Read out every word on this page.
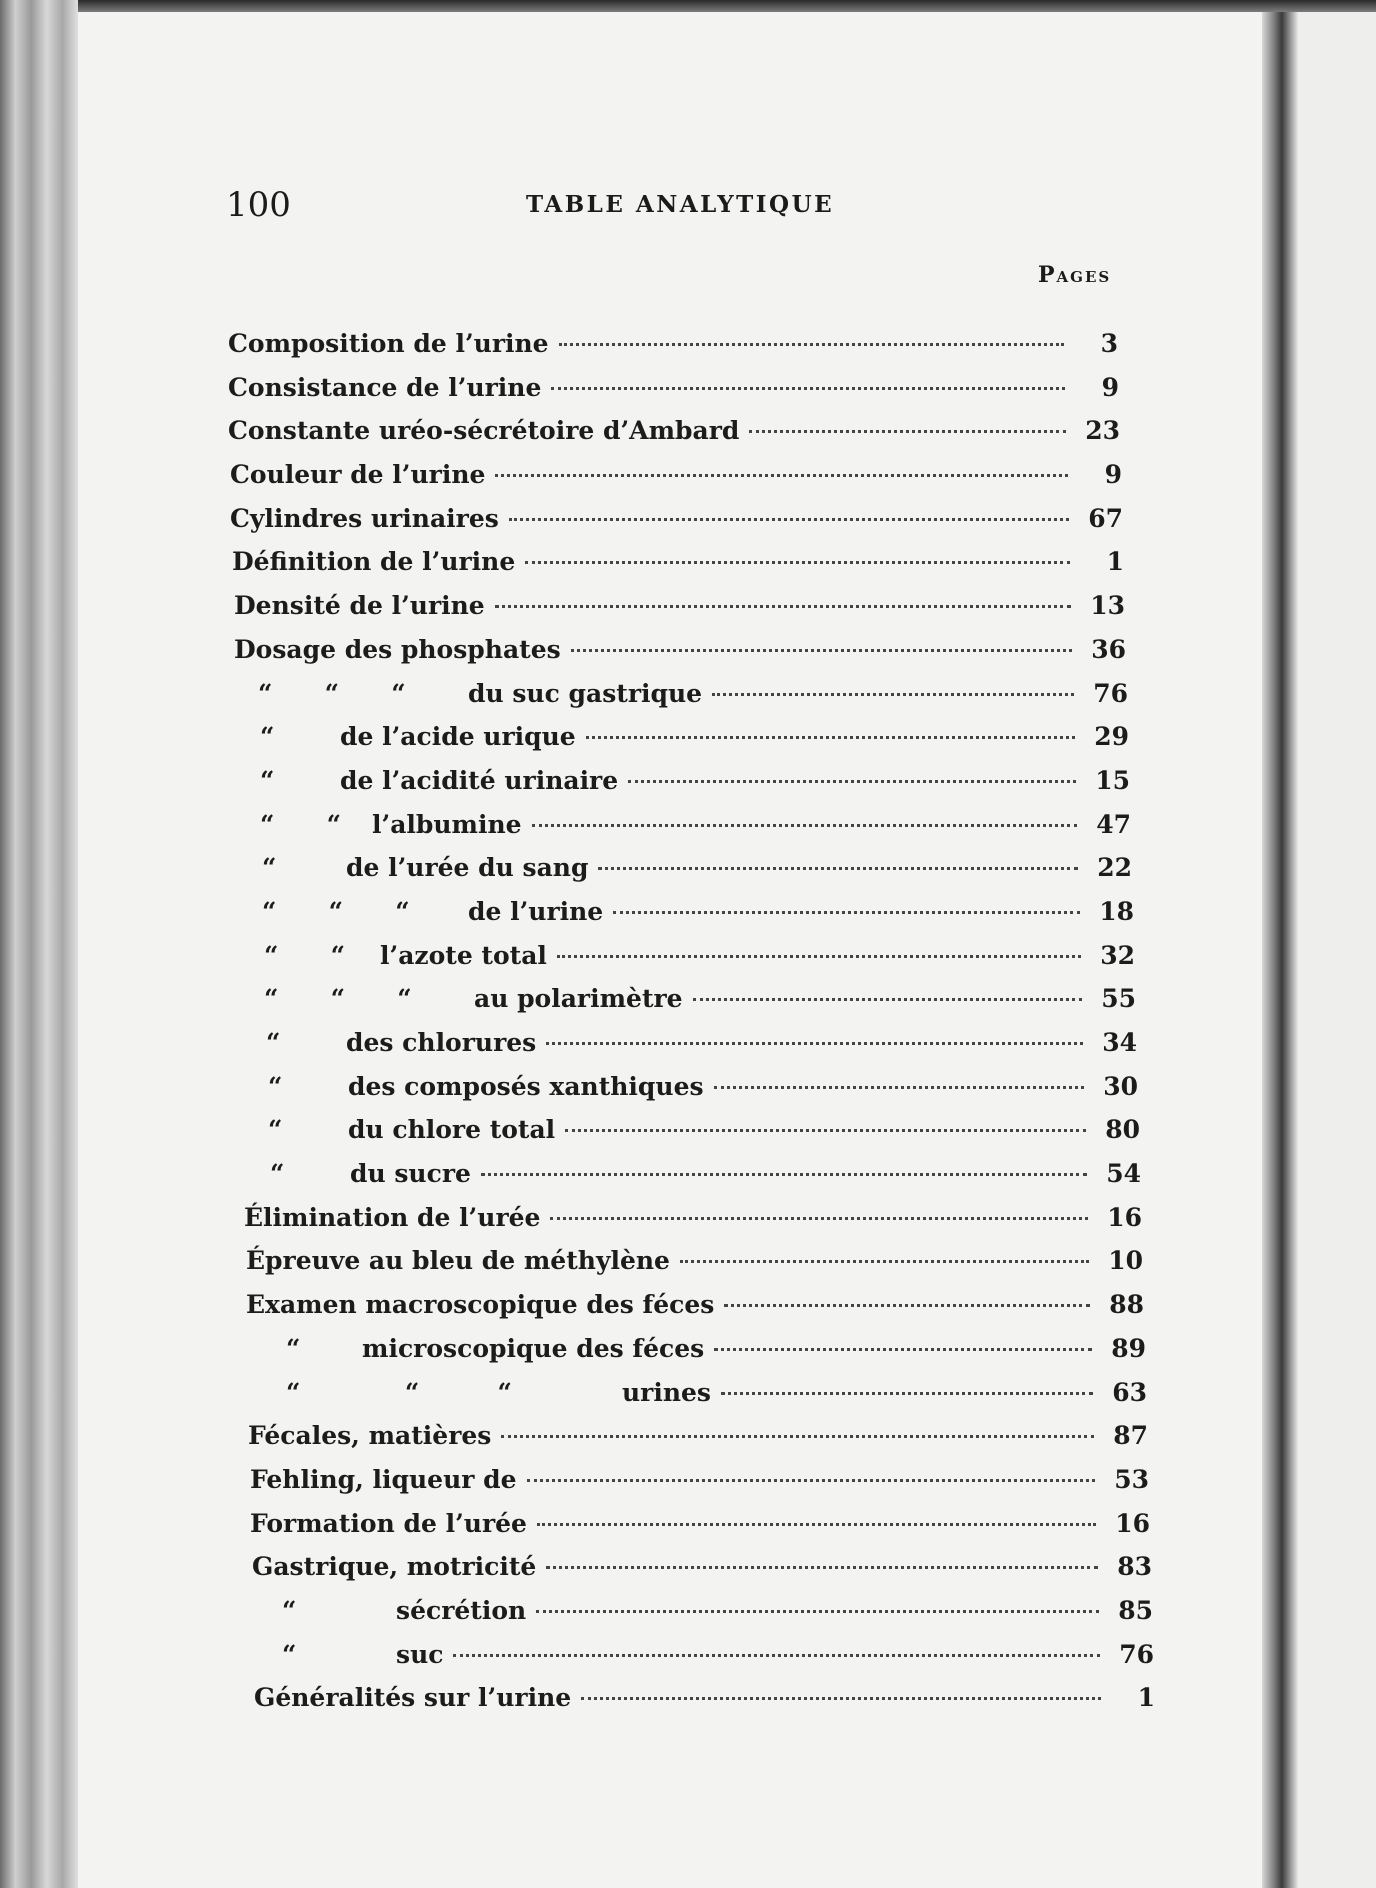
100	TABLE ANALYTIQUE
Pages
Composition de l’urine	3
Consistance de l’urine	9
Constante uréo-sécrétoire d’Ambard	23
Couleur de l’urine	9
Cylindres urinaires	67
Définition de l’urine	1
Densité de l’urine	13
Dosage des phosphates	36
“      “      “	du suc gastrique	76
“	de l’acide urique	29
“	de l’acidité urinaire	15
“      “	l’albumine	47
“	de l’urée du sang	22
“      “      “	de l’urine	18
“      “	l’azote total	32
“      “      “	au polarimètre	55
“	des chlorures	34
“	des composés xanthiques	30
“	du chlore total	80
“	du sucre	54
Élimination de l’urée	16
Épreuve au bleu de méthylène	10
Examen macroscopique des féces	88
“	microscopique des féces	89
“            “         “	urines	63
Fécales, matières	87
Fehling, liqueur de	53
Formation de l’urée	16
Gastrique, motricité	83
“	sécrétion	85
“	suc	76
Généralités sur l’urine	1
